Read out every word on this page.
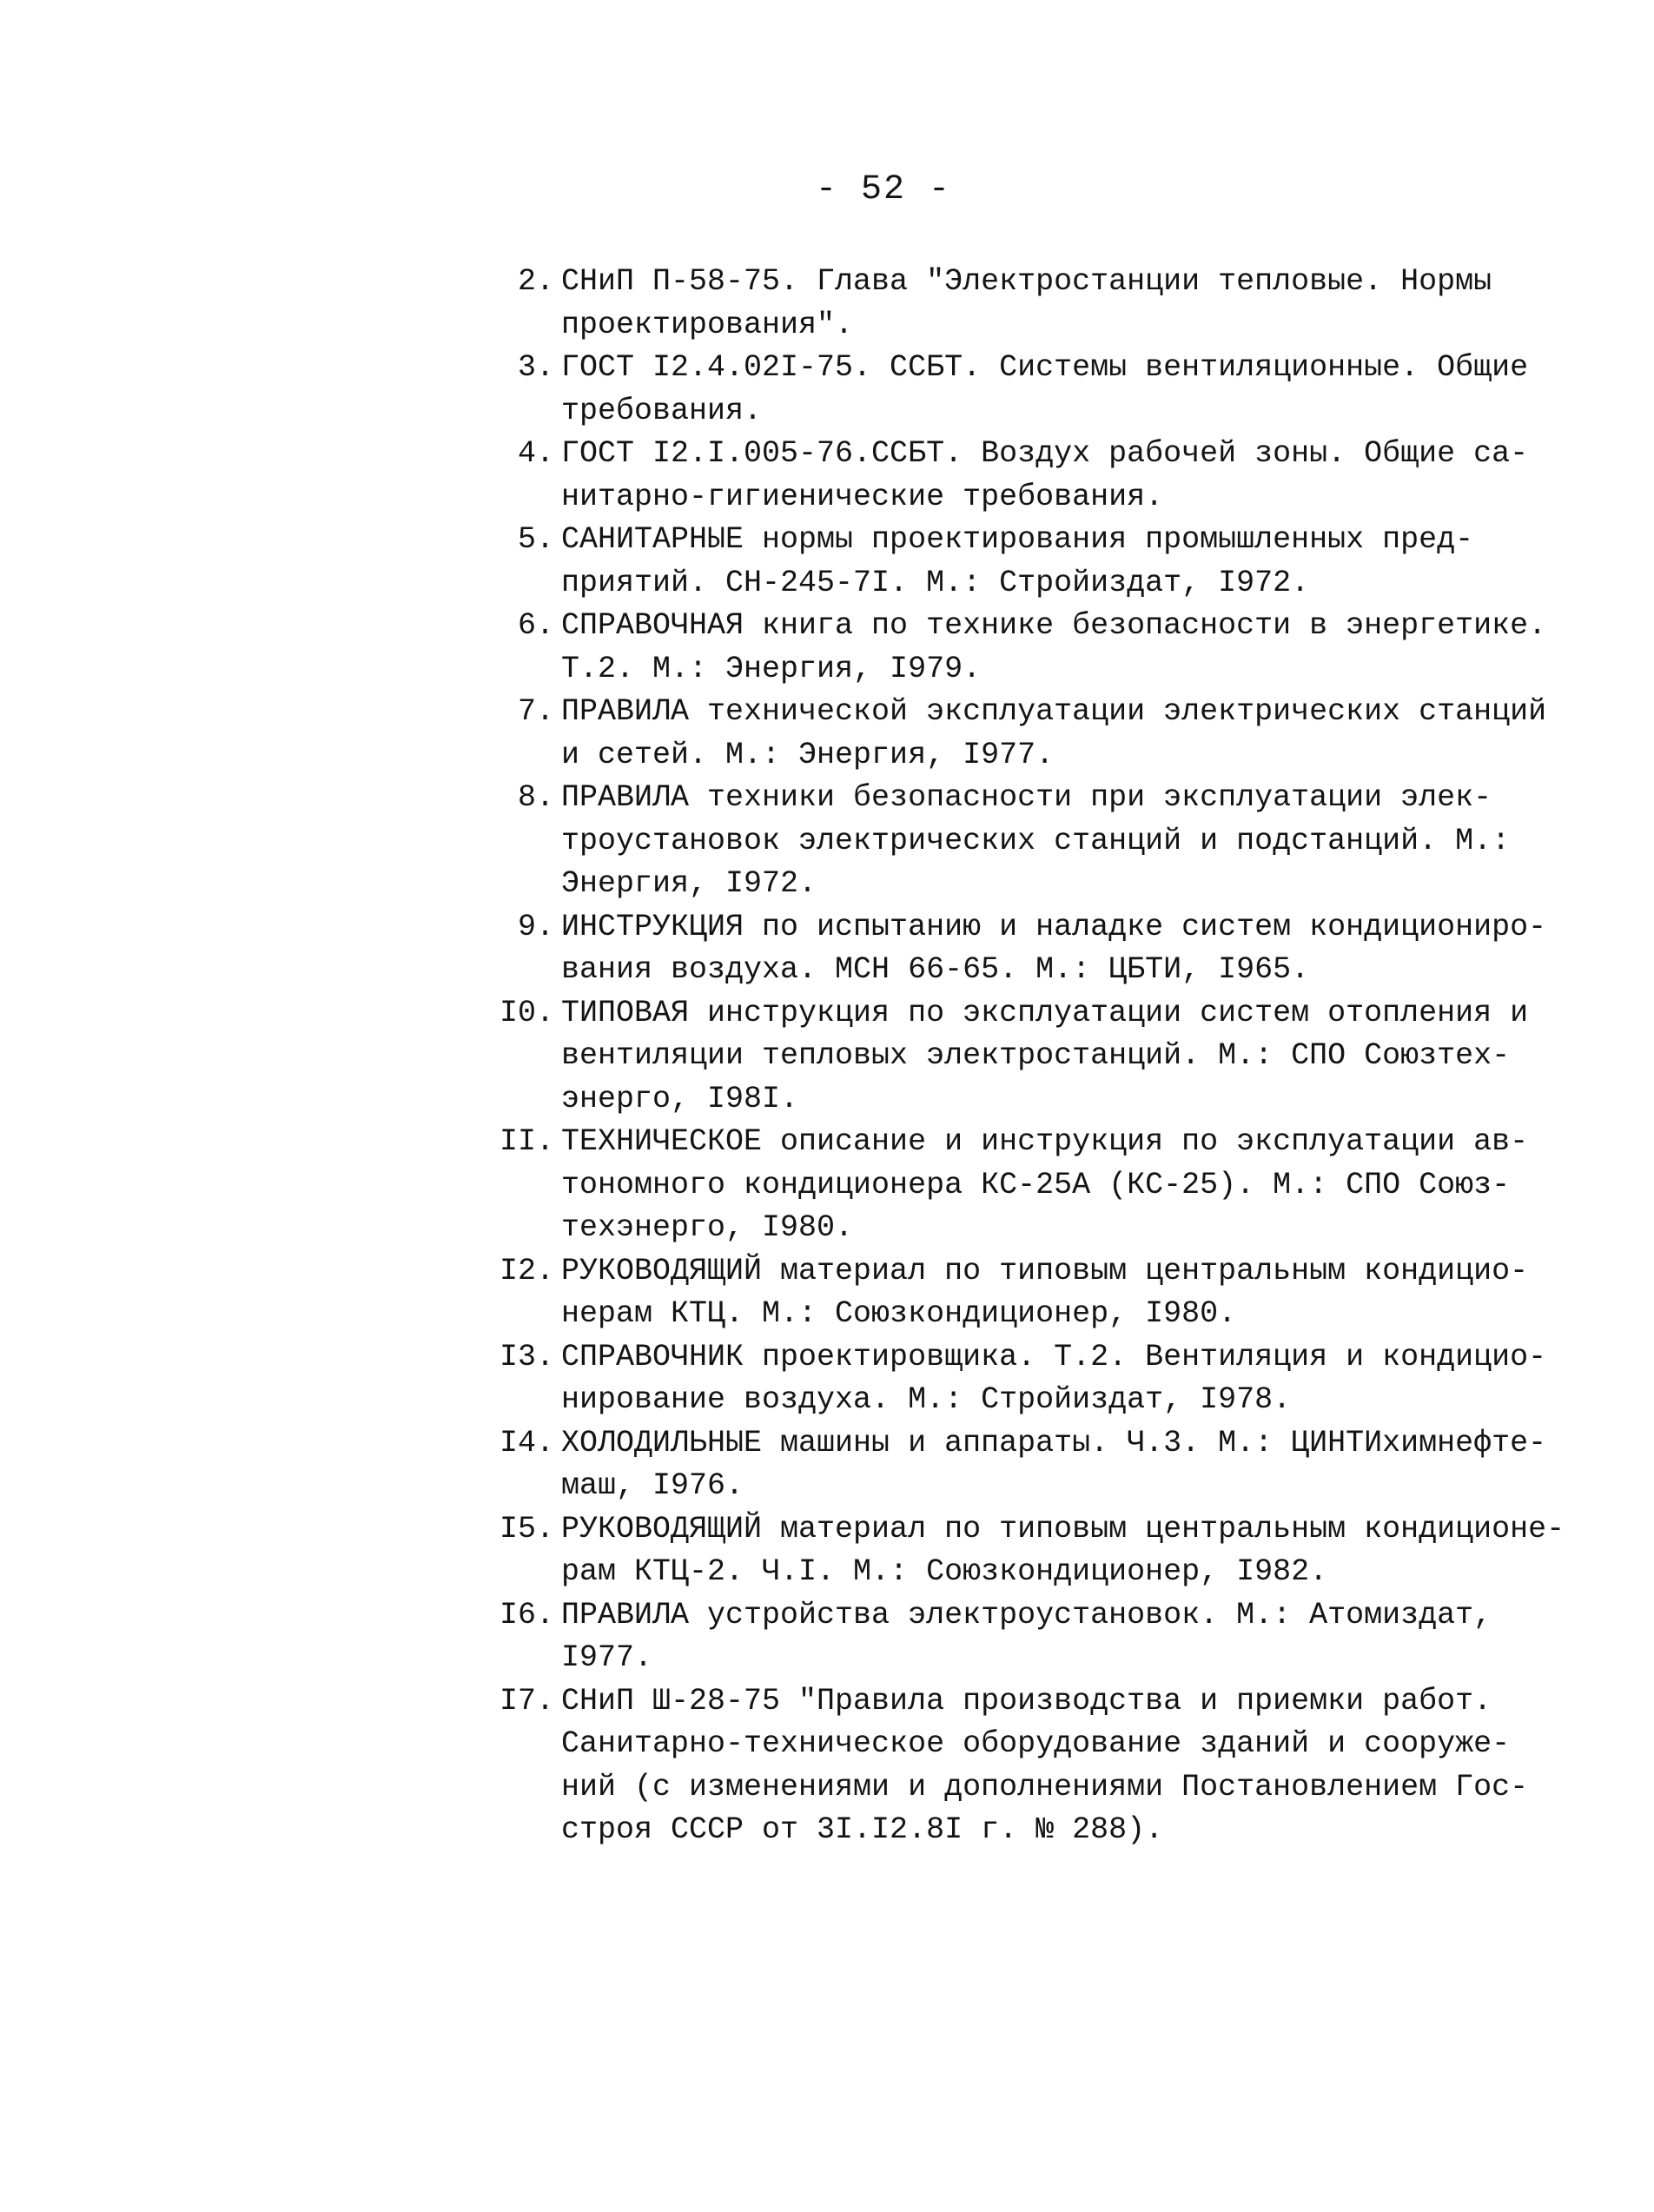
- 52 -
2. СНиП П-58-75. Глава "Электростанции тепловые. Нормы
проектирования".
3. ГОСТ I2.4.02I-75. ССБТ. Системы вентиляционные. Общие
требования.
4. ГОСТ I2.I.005-76.ССБТ. Воздух рабочей зоны. Общие са-
нитарно-гигиенические требования.
5. САНИТАРНЫЕ нормы проектирования промышленных пред-
приятий. СН-245-7I. М.: Стройиздат, I972.
6. СПРАВОЧНАЯ книга по технике безопасности в энергетике.
Т.2. М.: Энергия, I979.
7. ПРАВИЛА технической эксплуатации электрических станций
и сетей. М.: Энергия, I977.
8. ПРАВИЛА техники безопасности при эксплуатации элек-
троустановок электрических станций и подстанций. М.:
Энергия, I972.
9. ИНСТРУКЦИЯ по испытанию и наладке систем кондициониро-
вания воздуха. МСН 66-65. М.: ЦБТИ, I965.
I0. ТИПОВАЯ инструкция по эксплуатации систем отопления и
вентиляции тепловых электростанций. М.: СПО Союзтех-
энерго, I98I.
II. ТЕХНИЧЕСКОЕ описание и инструкция по эксплуатации ав-
тономного кондиционера КС-25А (КС-25). М.: СПО Союз-
техэнерго, I980.
I2. РУКОВОДЯЩИЙ материал по типовым центральным кондицио-
нерам КТЦ. М.: Союзкондиционер, I980.
I3. СПРАВОЧНИК проектировщика. Т.2. Вентиляция и кондицио-
нирование воздуха. М.: Стройиздат, I978.
I4. ХОЛОДИЛЬНЫЕ машины и аппараты. Ч.3. М.: ЦИНТИхимнефте-
маш, I976.
I5. РУКОВОДЯЩИЙ материал по типовым центральным кондиционе-
рам КТЦ-2. Ч.I. М.: Союзкондиционер, I982.
I6. ПРАВИЛА устройства электроустановок. М.: Атомиздат,
I977.
I7. СНиП Ш-28-75 "Правила производства и приемки работ.
Санитарно-техническое оборудование зданий и сооруже-
ний (с изменениями и дополнениями Постановлением Гос-
строя СССР от 3I.I2.8I г. № 288).
